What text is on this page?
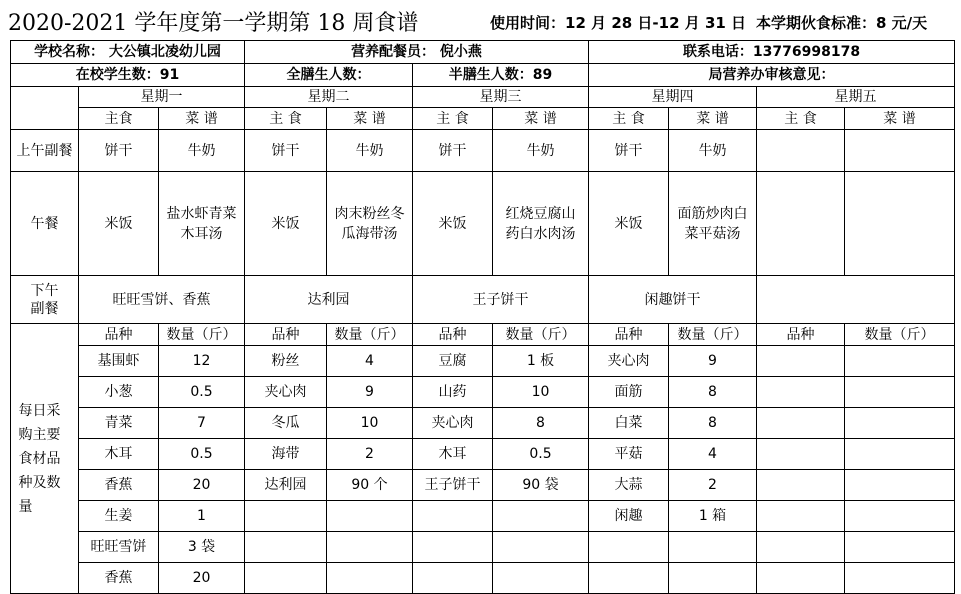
2020-2021 学年度第一学期第 18 周食谱	使用时间：12 月 28 日-12 月 31 日 本学期伙食标准：8 元/天
学校名称： 大公镇北凌幼儿园			营养配餐员： 倪小燕				联系电话：13776998178			
在校学生数：91			全膳生人数：		半膳生人数：89		局营养办审核意见：			
	星期一		星期二		星期三		星期四		星期五	
	主食	菜 谱	主 食	菜 谱	主 食	菜 谱	主 食	菜 谱	主 食	菜 谱
上午副餐	饼干	牛奶	饼干	牛奶	饼干	牛奶	饼干	牛奶		
午餐	米饭	盐水虾青菜木耳汤	米饭	肉末粉丝冬瓜海带汤	米饭	红烧豆腐山药白水肉汤	米饭	面筋炒肉白菜平菇汤		
下午
副餐	旺旺雪饼、香蕉		达利园		王子饼干		闲趣饼干			
每日采购主要食材品种及数量	品种	数量（斤）	品种	数量（斤）	品种	数量（斤）	品种	数量（斤）	品种	数量（斤）
	基围虾	12	粉丝	4	豆腐	1 板	夹心肉	9		
	小葱	0.5	夹心肉	9	山药	10	面筋	8		
	青菜	7	冬瓜	10	夹心肉	8	白菜	8		
	木耳	0.5	海带	2	木耳	0.5	平菇	4		
	香蕉	20	达利园	90 个	王子饼干	90 袋	大蒜	2		
	生姜	1					闲趣	1 箱		
	旺旺雪饼	3 袋								
	香蕉	20								
